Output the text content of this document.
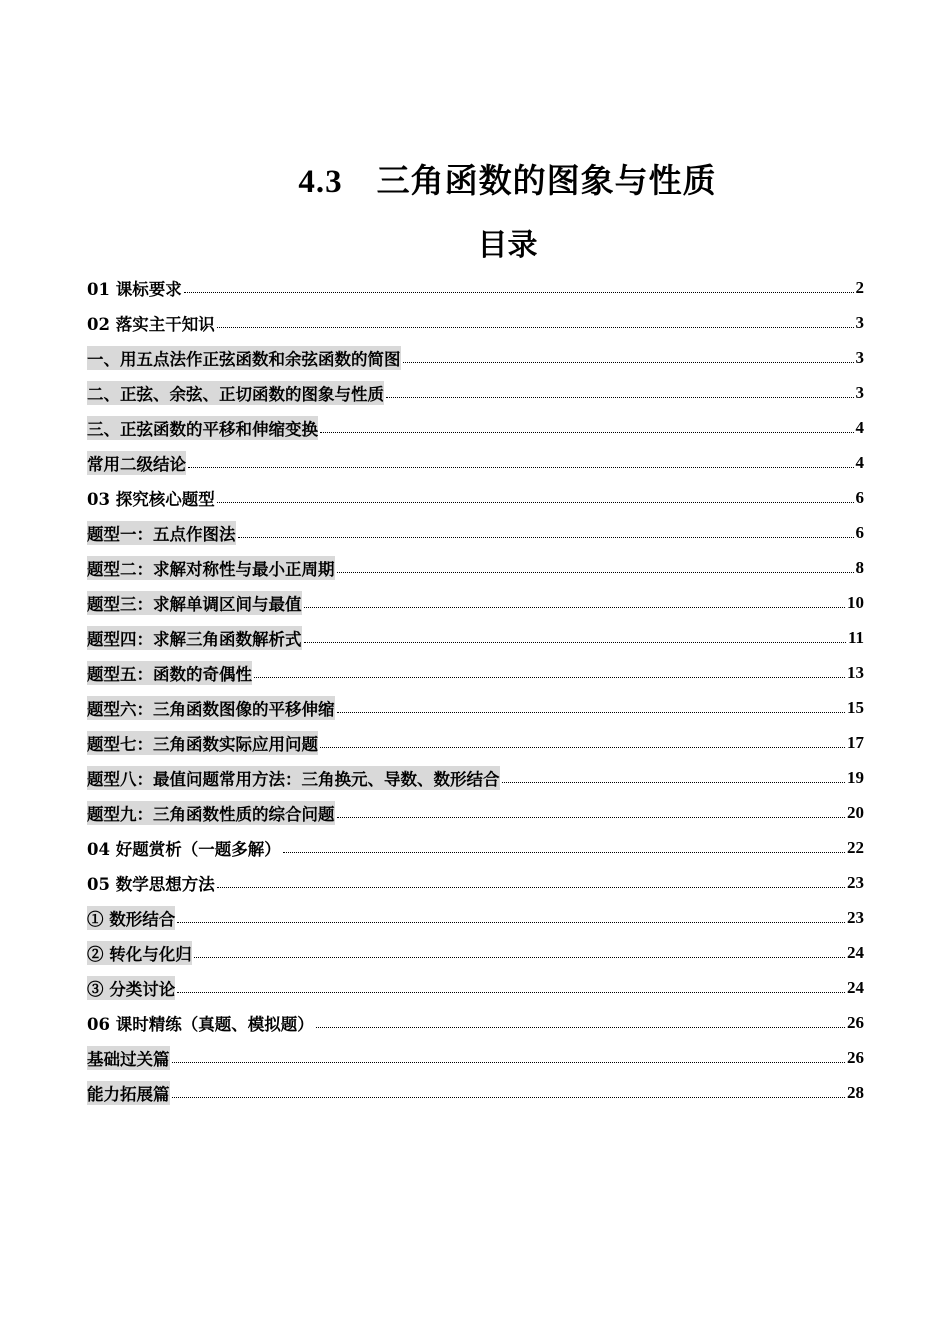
4.3 三角函数的图象与性质
目录
01 课标要求	2
02 落实主干知识	3
一、用五点法作正弦函数和余弦函数的简图	3
二、正弦、余弦、正切函数的图象与性质	3
三、正弦函数的平移和伸缩变换	4
常用二级结论	4
03 探究核心题型	6
题型一：五点作图法	6
题型二：求解对称性与最小正周期	8
题型三：求解单调区间与最值	10
题型四：求解三角函数解析式	11
题型五：函数的奇偶性	13
题型六：三角函数图像的平移伸缩	15
题型七：三角函数实际应用问题	17
题型八：最值问题常用方法：三角换元、导数、数形结合	19
题型九：三角函数性质的综合问题	20
04 好题赏析（一题多解）	22
05 数学思想方法	23
① 数形结合	23
② 转化与化归	24
③ 分类讨论	24
06 课时精练（真题、模拟题）	26
基础过关篇	26
能力拓展篇	28
